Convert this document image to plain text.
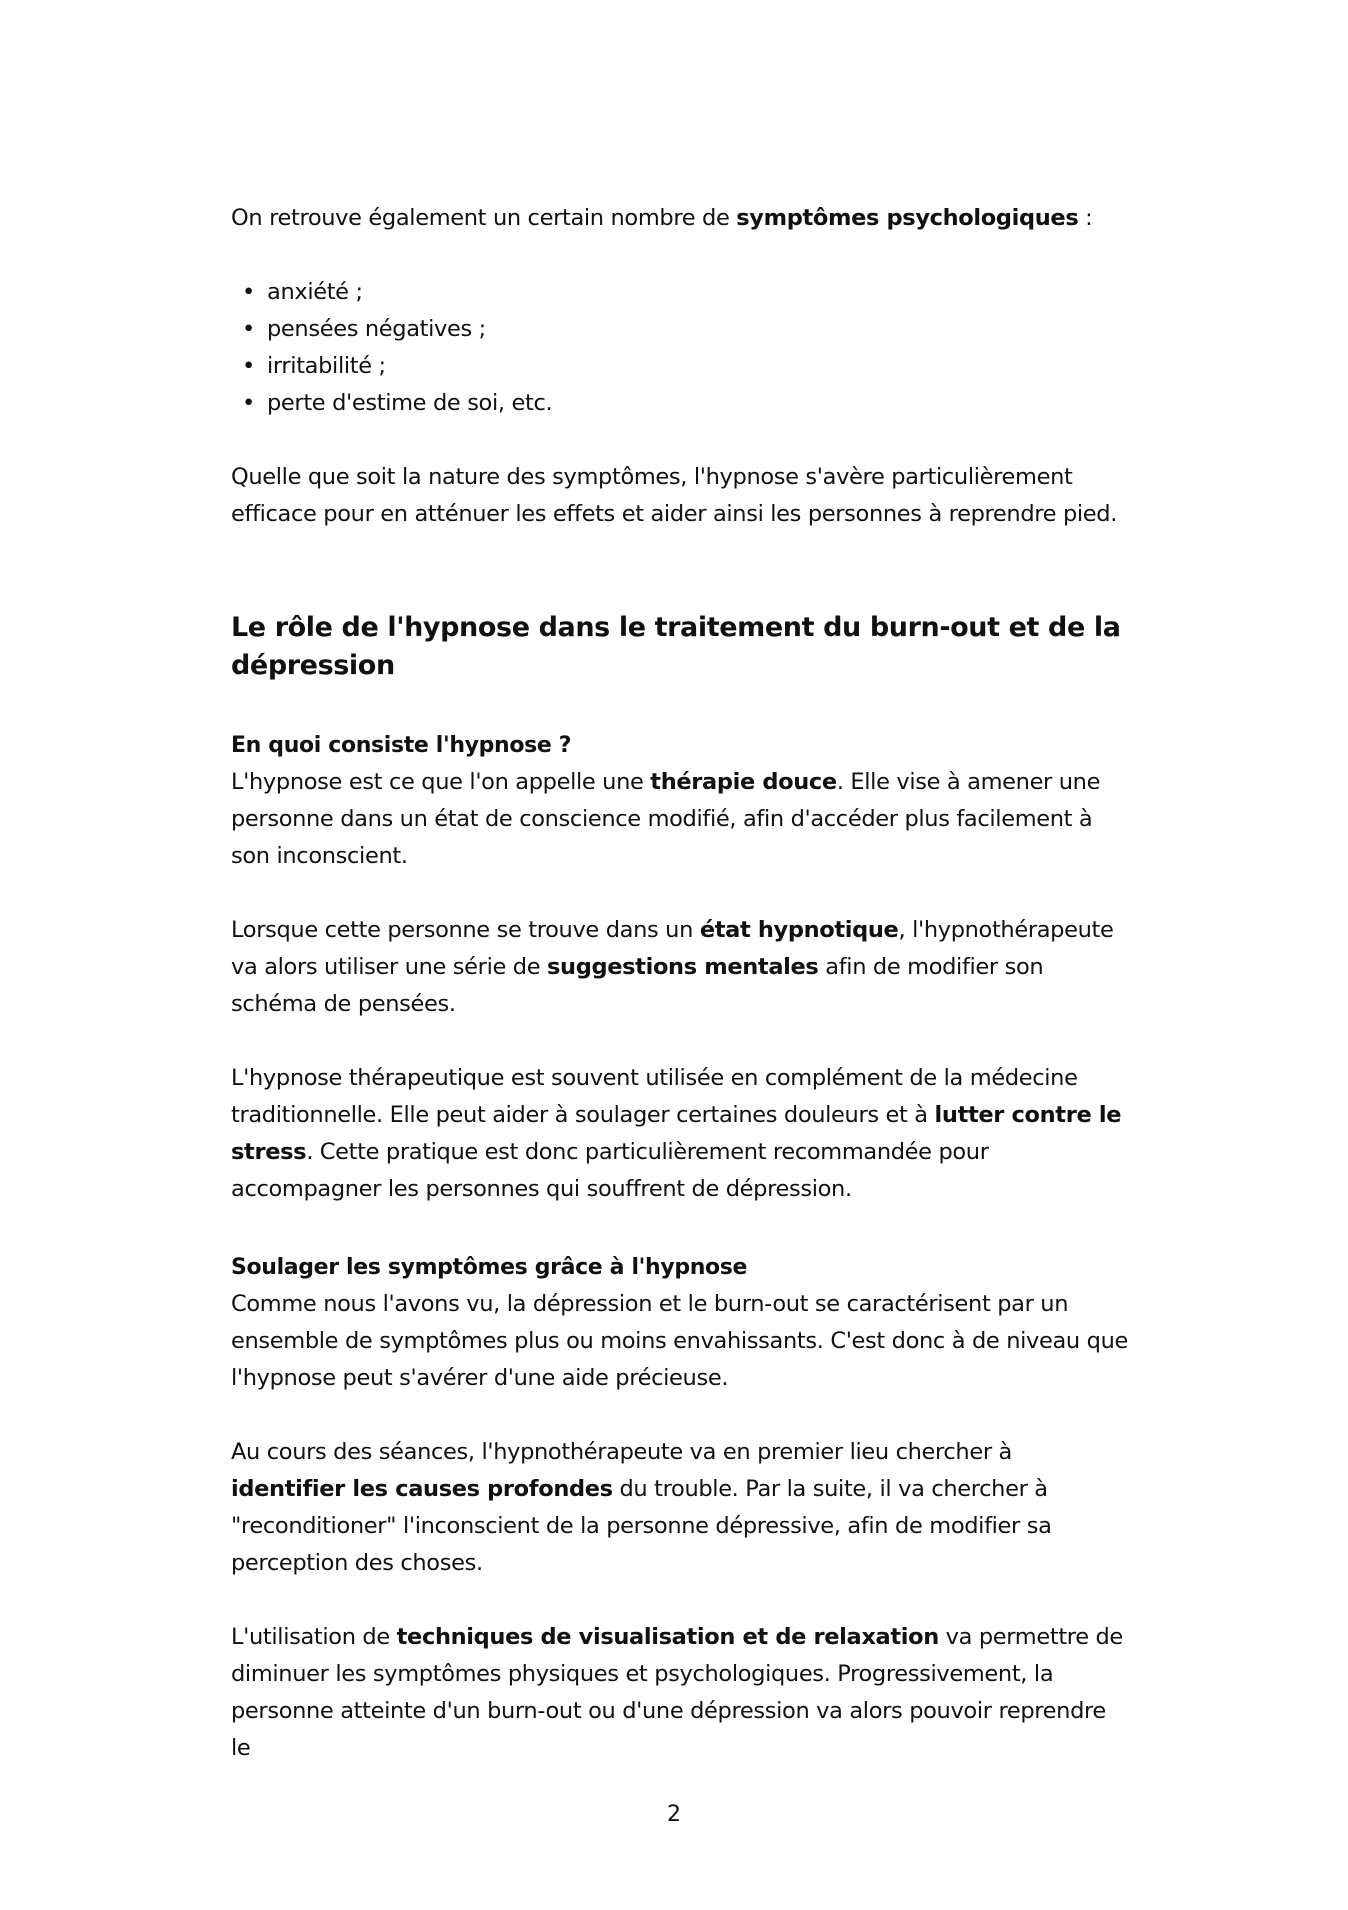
On retrouve également un certain nombre de symptômes psychologiques :

• anxiété ;
• pensées négatives ;
• irritabilité ;
• perte d'estime de soi, etc.

Quelle que soit la nature des symptômes, l'hypnose s'avère particulièrement efficace pour en atténuer les effets et aider ainsi les personnes à reprendre pied.

Le rôle de l'hypnose dans le traitement du burn-out et de la dépression
En quoi consiste l'hypnose ?

L'hypnose est ce que l'on appelle une thérapie douce. Elle vise à amener une personne dans un état de conscience modifié, afin d'accéder plus facilement à son inconscient.

Lorsque cette personne se trouve dans un état hypnotique, l'hypnothérapeute va alors utiliser une série de suggestions mentales afin de modifier son schéma de pensées.

L'hypnose thérapeutique est souvent utilisée en complément de la médecine traditionnelle. Elle peut aider à soulager certaines douleurs et à lutter contre le stress. Cette pratique est donc particulièrement recommandée pour accompagner les personnes qui souffrent de dépression.

Soulager les symptômes grâce à l'hypnose

Comme nous l'avons vu, la dépression et le burn-out se caractérisent par un ensemble de symptômes plus ou moins envahissants. C'est donc à de niveau que l'hypnose peut s'avérer d'une aide précieuse.

Au cours des séances, l'hypnothérapeute va en premier lieu chercher à identifier les causes profondes du trouble. Par la suite, il va chercher à "reconditioner" l'inconscient de la personne dépressive, afin de modifier sa perception des choses.

L'utilisation de techniques de visualisation et de relaxation va permettre de diminuer les symptômes physiques et psychologiques. Progressivement, la personne atteinte d'un burn-out ou d'une dépression va alors pouvoir reprendre le

2
